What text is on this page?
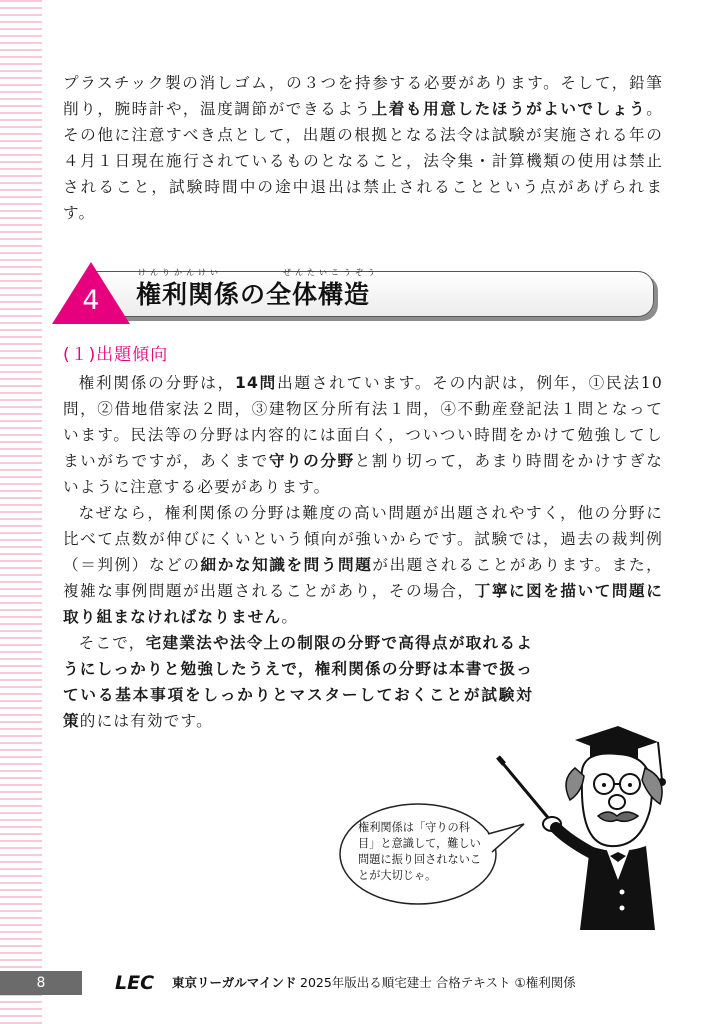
プラスチック製の消しゴム，の３つを持参する必要があります。そして，鉛筆削り，腕時計や，温度調節ができるよう上着も用意したほうがよいでしょう。その他に注意すべき点として，出題の根拠となる法令は試験が実施される年の４月１日現在施行されているものとなること，法令集・計算機類の使用は禁止されること，試験時間中の途中退出は禁止されることという点があげられます。

4
けんりかんけい	ぜんたいこうぞう
権利関係の全体構造
(１)出題傾向

権利関係の分野は，14問出題されています。その内訳は，例年，①民法10問，②借地借家法２問，③建物区分所有法１問，④不動産登記法１問となっています。民法等の分野は内容的には面白く，ついつい時間をかけて勉強してしまいがちですが，あくまで守りの分野と割り切って，あまり時間をかけすぎないように注意する必要があります。

なぜなら，権利関係の分野は難度の高い問題が出題されやすく，他の分野に比べて点数が伸びにくいという傾向が強いからです。試験では，過去の裁判例（＝判例）などの細かな知識を問う問題が出題されることがあります。また，複雑な事例問題が出題されることがあり，その場合，丁寧に図を描いて問題に取り組まなければなりません。

そこで，宅建業法や法令上の制限の分野で高得点が取れるようにしっかりと勉強したうえで，権利関係の分野は本書で扱っている基本事項をしっかりとマスターしておくことが試験対策的には有効です。

権利関係は「守りの科目」と意識して，難しい問題に振り回されないことが大切じゃ。
8	LEC 東京リーガルマインド 2025年版出る順宅建士 合格テキスト ①権利関係
